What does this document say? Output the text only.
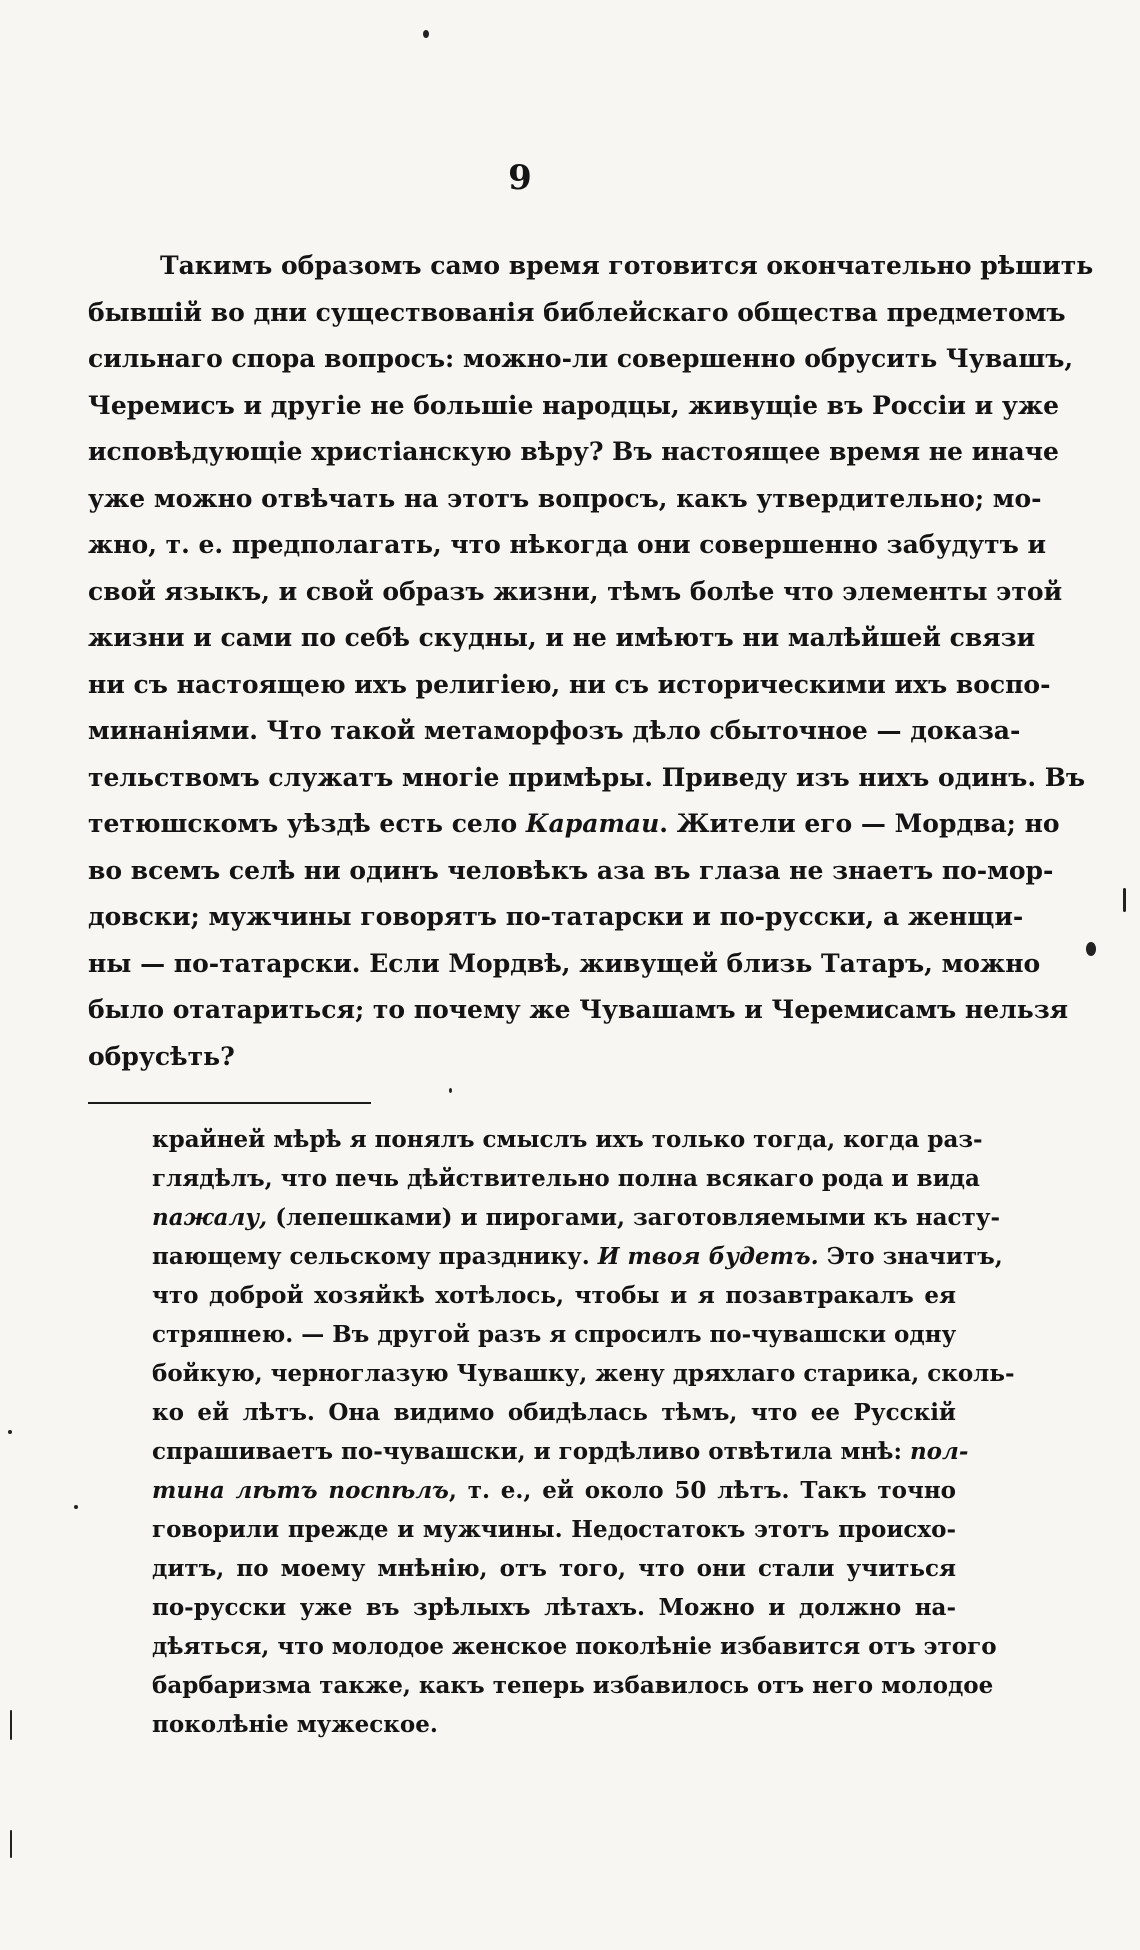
9
Такимъ образомъ само время готовится окончательно рѣшить
бывшій во дни существованія библейскаго общества предметомъ
сильнаго спора вопросъ: можно-ли совершенно обрусить Чувашъ,
Черемисъ и другіе не большіе народцы, живущіе въ Россіи и уже
исповѣдующіе христіанскую вѣру? Въ настоящее время не иначе
уже можно отвѣчать на этотъ вопросъ, какъ утвердительно; мо-
жно, т. е. предполагать, что нѣкогда они совершенно забудутъ и
свой языкъ, и свой образъ жизни, тѣмъ болѣе что элементы этой
жизни и сами по себѣ скудны, и не имѣютъ ни малѣйшей связи
ни съ настоящею ихъ религіею, ни съ историческими ихъ воспо-
минаніями. Что такой метаморфозъ дѣло сбыточное — доказа-
тельствомъ служатъ многіе примѣры. Приведу изъ нихъ одинъ. Въ
тетюшскомъ уѣздѣ есть село Каратаи. Жители его — Мордва; но
во всемъ селѣ ни одинъ человѣкъ аза въ глаза не знаетъ по-мор-
довски; мужчины говорятъ по-татарски и по-русски, а женщи-
ны — по-татарски. Если Мордвѣ, живущей близь Татаръ, можно
было отатариться; то почему же Чувашамъ и Черемисамъ нельзя
обрусѣть?
крайней мѣрѣ я понялъ смыслъ ихъ только тогда, когда раз-
глядѣлъ, что печь дѣйствительно полна всякаго рода и вида
пажалу, (лепешками) и пирогами, заготовляемыми къ насту-
пающему сельскому празднику. И твоя будетъ. Это значитъ,
что доброй хозяйкѣ хотѣлось, чтобы и я позавтракалъ ея
стряпнею. — Въ другой разъ я спросилъ по-чувашски одну
бойкую, черноглазую Чувашку, жену дряхлаго старика, сколь-
ко ей лѣтъ. Она видимо обидѣлась тѣмъ, что ее Русскій
спрашиваетъ по-чувашски, и гордѣливо отвѣтила мнѣ: пол-
тина лѣтъ поспѣлъ, т. е., ей около 50 лѣтъ. Такъ точно
говорили прежде и мужчины. Недостатокъ этотъ происхо-
дитъ, по моему мнѣнію, отъ того, что они стали учиться
по-русски уже въ зрѣлыхъ лѣтахъ. Можно и должно на-
дѣяться, что молодое женское поколѣніе избавится отъ этого
барбаризма также, какъ теперь избавилось отъ него молодое
поколѣніе мужеское.
